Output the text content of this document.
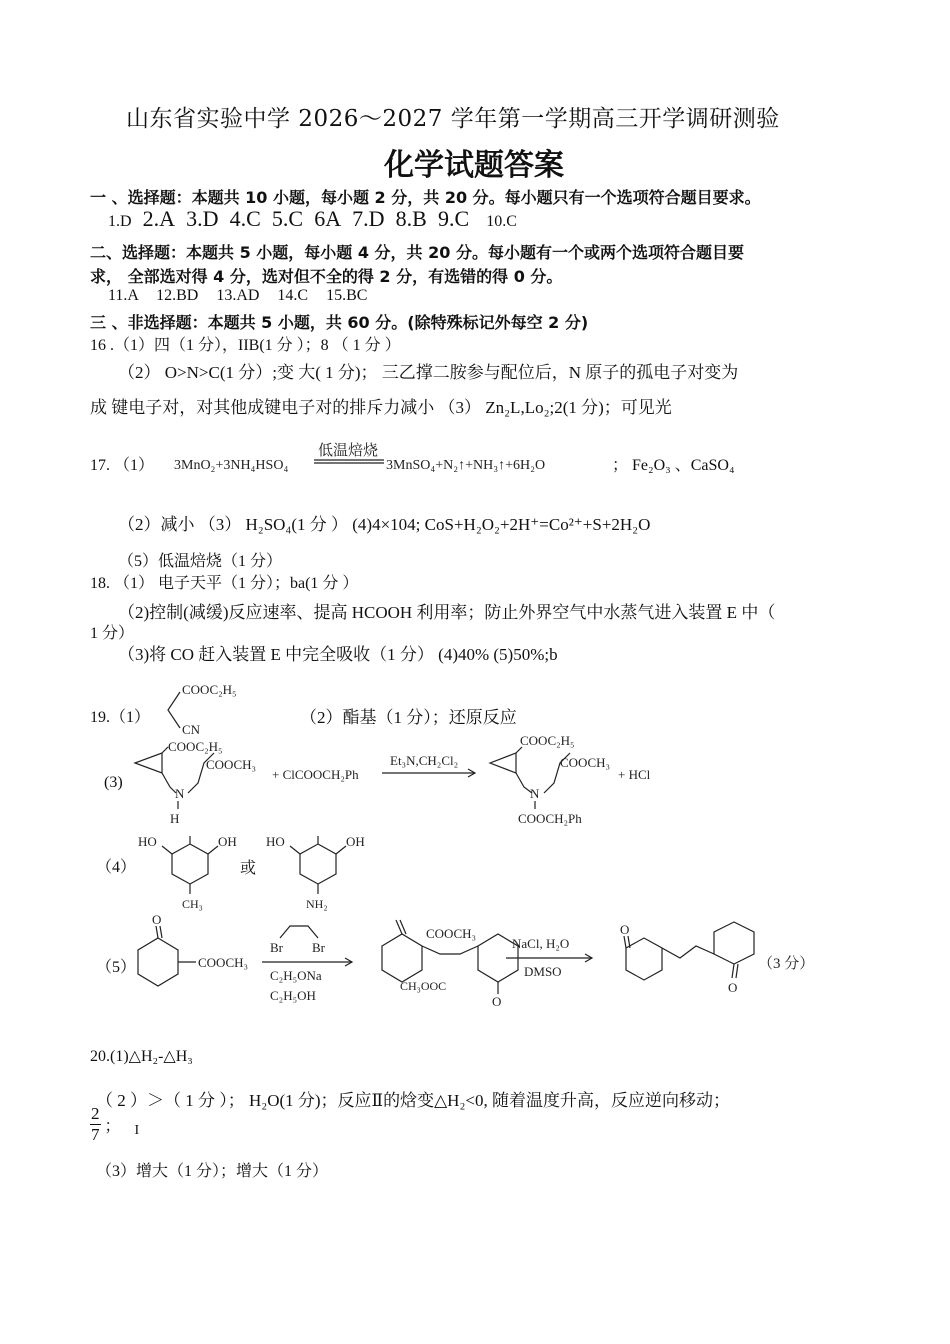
山东省实验中学 2026～2027 学年第一学期高三开学调研测验
化学试题答案
一 、选择题：本题共 10 小题，每小题 2 分，共 20 分。每小题只有一个选项符合题目要求。
1.D 2.A 3.D 4.C 5.C 6A 7.D 8.B 9.C 10.C
二、选择题：本题共 5 小题，每小题 4 分，共 20 分。每小题有一个或两个选项符合题目要
求， 全部选对得 4 分，选对但不全的得 2 分，有选错的得 0 分。
11.A 12.BD 13.AD 14.C 15.BC
三 、非选择题：本题共 5 小题，共 60 分。(除特殊标记外每空 2 分)
16 .（1）四（1 分），IIB(1 分 ）；8 （ 1 分 ）
（2） O>N>C(1 分）;变 大( 1 分)； 三乙撑二胺参与配位后，N 原子的孤电子对变为
成 键电子对，对其他成键电子对的排斥力减小 （3） Zn₂L,Lo₂;2(1 分)；可见光
17. （1） 3MnO₂+3NH₄HSO₄
低温焙烧
3MnSO₄+N₂↑+NH₃↑+6H₂O	； Fe₂O₃ 、CaSO₄
（2）减小 （3） H₂SO₄(1 分 ） (4)4×104; CoS+H₂O₂+2H⁺=Co²⁺+S+2H₂O
（5）低温焙烧（1 分）
18. （1） 电子天平（1 分）；ba(1 分 ）
（2)控制(减缓)反应速率、提高 HCOOH 利用率；防止外界空气中水蒸气进入装置 E 中（
1 分）
（3)将 CO 赶入装置 E 中完全吸收（1 分） (4)40% (5)50%;b
19.（1）
COOC₂H₅
CN
（2）酯基（1 分）；还原反应
(3)
COOC₂H₅
COOCH₃
N
H
+ ClCOOCH₂Ph
Et₃N,CH₂Cl₂
COOC₂H₅
COOCH₃
N
COOCH₂Ph
+ HCl
（4）
HO	OH
CH₃
或
HO	OH
NH₂
（5）
O
COOCH₃
Br Br
C₂H₅ONa
C₂H₅OH
COOCH₃
O
CH₃OOC
NaCl, H₂O
DMSO
O
O
（3 分）
20.(1)△H₂-△H₃
（ 2 ）＞（ 1 分 ）； H₂O(1 分)；反应Ⅱ的焓变△H₂<0, 随着温度升高，反应逆向移动；
$\frac{2}{7}$ ； I
（3）增大（1 分）；增大（1 分）
